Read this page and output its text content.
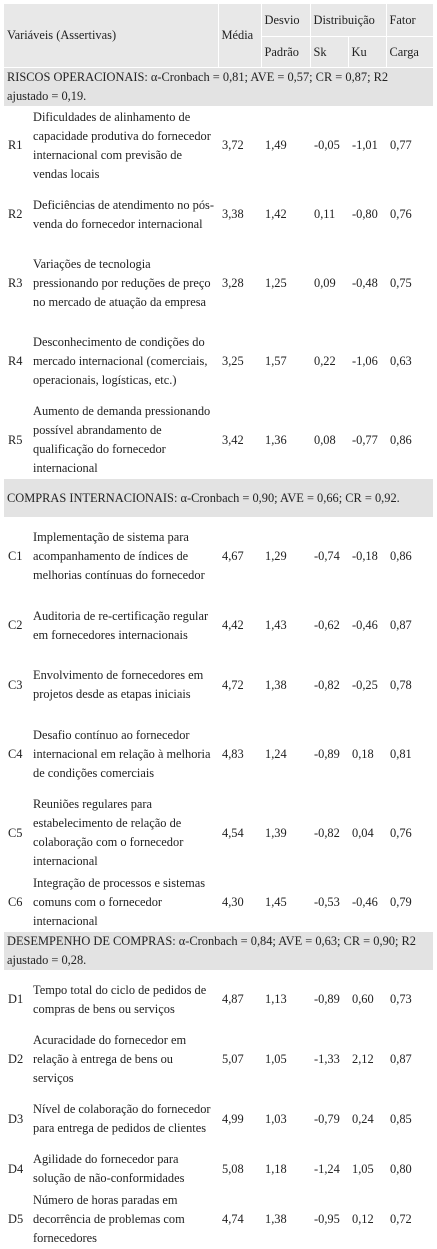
Variáveis (Assertivas)		Média	Desvio	Distribuição		Fator
			Padrão	Sk	Ku	Carga
RISCOS OPERACIONAIS: α-Cronbach = 0,81; AVE = 0,57; CR = 0,87; R2 ajustado = 0,19.						
R1	Dificuldades de alinhamento de capacidade produtiva do fornecedor internacional com previsão de vendas locais	3,72	1,49	-0,05	-1,01	0,77
R2	Deficiências de atendimento no pós-venda do fornecedor internacional	3,38	1,42	0,11	-0,80	0,76
R3	Variações de tecnologia pressionando por reduções de preço no mercado de atuação da empresa	3,28	1,25	0,09	-0,48	0,75
R4	Desconhecimento de condições do mercado internacional (comerciais, operacionais, logísticas, etc.)	3,25	1,57	0,22	-1,06	0,63
R5	Aumento de demanda pressionando possível abrandamento de qualificação do fornecedor internacional	3,42	1,36	0,08	-0,77	0,86
COMPRAS INTERNACIONAIS: α-Cronbach = 0,90; AVE = 0,66; CR = 0,92.						
C1	Implementação de sistema para acompanhamento de índices de melhorias contínuas do fornecedor	4,67	1,29	-0,74	-0,18	0,86
C2	Auditoria de re-certificação regular em fornecedores internacionais	4,42	1,43	-0,62	-0,46	0,87
C3	Envolvimento de fornecedores em projetos desde as etapas iniciais	4,72	1,38	-0,82	-0,25	0,78
C4	Desafio contínuo ao fornecedor internacional em relação à melhoria de condições comerciais	4,83	1,24	-0,89	0,18	0,81
C5	Reuniões regulares para estabelecimento de relação de colaboração com o fornecedor internacional	4,54	1,39	-0,82	0,04	0,76
C6	Integração de processos e sistemas comuns com o fornecedor internacional	4,30	1,45	-0,53	-0,46	0,79
DESEMPENHO DE COMPRAS: α-Cronbach = 0,84; AVE = 0,63; CR = 0,90; R2 ajustado = 0,28.						
D1	Tempo total do ciclo de pedidos de compras de bens ou serviços	4,87	1,13	-0,89	0,60	0,73
D2	Acuracidade do fornecedor em relação à entrega de bens ou serviços	5,07	1,05	-1,33	2,12	0,87
D3	Nível de colaboração do fornecedor para entrega de pedidos de clientes	4,99	1,03	-0,79	0,24	0,85
D4	Agilidade do fornecedor para solução de não-conformidades	5,08	1,18	-1,24	1,05	0,80
D5	Número de horas paradas em decorrência de problemas com fornecedores	4,74	1,38	-0,95	0,12	0,72
